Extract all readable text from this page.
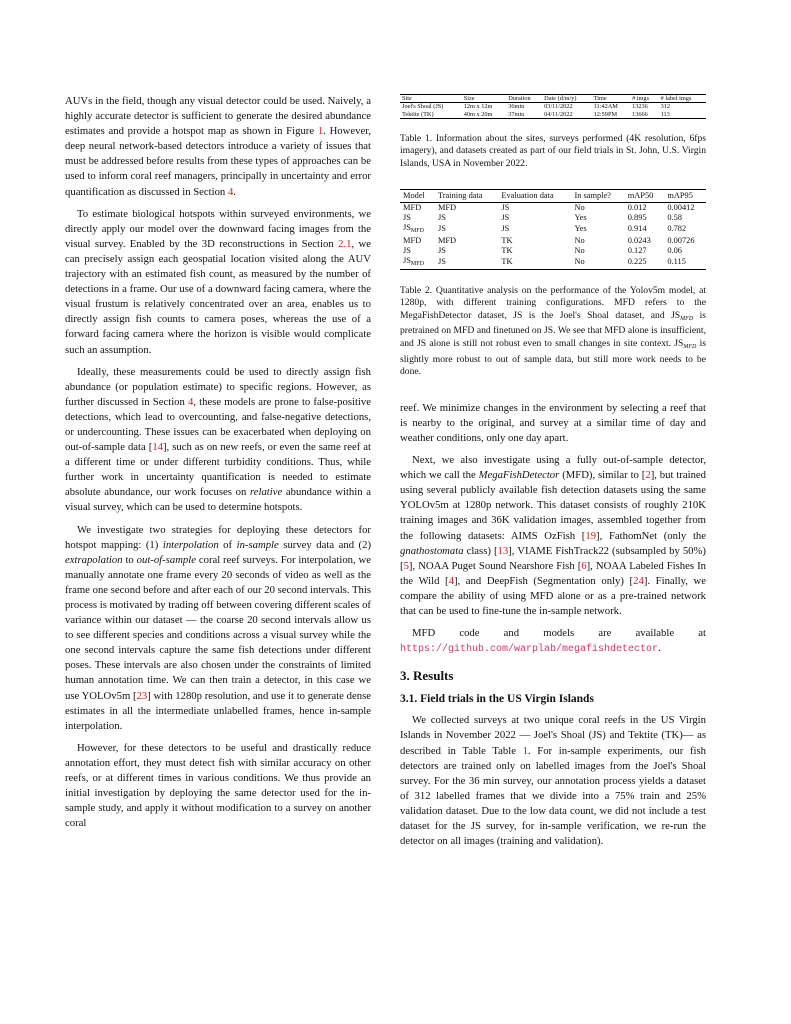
AUVs in the field, though any visual detector could be used. Naively, a highly accurate detector is sufficient to generate the desired abundance estimates and provide a hotspot map as shown in Figure 1. However, deep neural network-based detectors introduce a variety of issues that must be addressed before results from these types of approaches can be used to inform coral reef managers, principally in uncertainty and error quantification as discussed in Section 4.

To estimate biological hotspots within surveyed environments, we directly apply our model over the downward facing images from the visual survey. Enabled by the 3D reconstructions in Section 2.1, we can precisely assign each geospatial location visited along the AUV trajectory with an estimated fish count, as measured by the number of detections in a frame. Our use of a downward facing camera, where the visual frustum is relatively concentrated over an area, enables us to directly assign fish counts to camera poses, whereas the use of a forward facing camera where the horizon is visible would complicate such an assumption.

Ideally, these measurements could be used to directly assign fish abundance (or population estimate) to specific regions. However, as further discussed in Section 4, these models are prone to false-positive detections, which lead to overcounting, and false-negative detections, or undercounting. These issues can be exacerbated when deploying on out-of-sample data [14], such as on new reefs, or even the same reef at a different time or under different turbidity conditions. Thus, while further work in uncertainty quantification is needed to estimate absolute abundance, our work focuses on relative abundance within a visual survey, which can be used to determine hotspots.

We investigate two strategies for deploying these detectors for hotspot mapping: (1) interpolation of in-sample survey data and (2) extrapolation to out-of-sample coral reef surveys. For interpolation, we manually annotate one frame every 20 seconds of video as well as the frame one second before and after each of our 20 second intervals. This process is motivated by trading off between covering different scales of variance within our dataset — the coarse 20 second intervals allow us to see different species and conditions across a visual survey while the one second intervals capture the same fish detections under different poses. These intervals are also chosen under the constraints of limited human annotation time. We can then train a detector, in this case we use YOLOv5m [23] with 1280p resolution, and use it to generate dense estimates in all the intermediate unlabelled frames, hence in-sample interpolation.

However, for these detectors to be useful and drastically reduce annotation effort, they must detect fish with similar accuracy on other reefs, or at different times in various conditions. We thus provide an initial investigation by deploying the same detector used for the in-sample study, and apply it without modification to a survey on another coral

Site	Size	Duration	Date (d/m/y)	Time	# imgs	# label imgs
Joel's Shoal (JS)	12m x 12m	36min	03/11/2022	11:42AM	13236	312
Tektite (TK)	40m x 20m	37min	04/11/2022	12:59PM	13666	113

Table 1. Information about the sites, surveys performed (4K resolution, 6fps imagery), and datasets created as part of our field trials in St. John, U.S. Virgin Islands, USA in November 2022.

Model	Training data	Evaluation data	In sample?	mAP50	mAP95
MFD	MFD	JS	No	0.012	0.00412
JS	JS	JS	Yes	0.895	0.58
$JS_{MFD}$	JS	JS	Yes	0.914	0.782
MFD	MFD	TK	No	0.0243	0.00726
JS	JS	TK	No	0.127	0.06
$JS_{MFD}$	JS	TK	No	0.225	0.115

Table 2. Quantitative analysis on the performance of the Yolov5m model, at 1280p, with different training configurations. MFD refers to the MegaFishDetector dataset, JS is the Joel's Shoal dataset, and $JS_{MFD}$ is pretrained on MFD and finetuned on JS. We see that MFD alone is insufficient, and JS alone is still not robust even to small changes in site context. $JS_{MFD}$ is slightly more robust to out of sample data, but still more work needs to be done.

reef. We minimize changes in the environment by selecting a reef that is nearby to the original, and survey at a similar time of day and weather conditions, only one day apart.

Next, we also investigate using a fully out-of-sample detector, which we call the MegaFishDetector (MFD), similar to [2], but trained using several publicly available fish detection datasets using the same YOLOv5m at 1280p network. This dataset consists of roughly 210K training images and 36K validation images, assembled together from the following datasets: AIMS OzFish [19], FathomNet (only the gnathostomata class) [13], VIAME FishTrack22 (subsampled by 50%) [5], NOAA Puget Sound Nearshore Fish [6], NOAA Labeled Fishes In the Wild [4], and DeepFish (Segmentation only) [24]. Finally, we compare the ability of using MFD alone or as a pre-trained network that can be used to fine-tune the in-sample network.

MFD code and models are available at https://github.com/warplab/megafishdetector.

3. Results
3.1. Field trials in the US Virgin Islands

We collected surveys at two unique coral reefs in the US Virgin Islands in November 2022 — Joel's Shoal (JS) and Tektite (TK)— as described in Table Table 1. For in-sample experiments, our fish detectors are trained only on labelled images from the Joel's Shoal survey. For the 36 min survey, our annotation process yields a dataset of 312 labelled frames that we divide into a 75% train and 25% validation dataset. Due to the low data count, we did not include a test dataset for the JS survey, for in-sample verification, we re-run the detector on all images (training and validation).
